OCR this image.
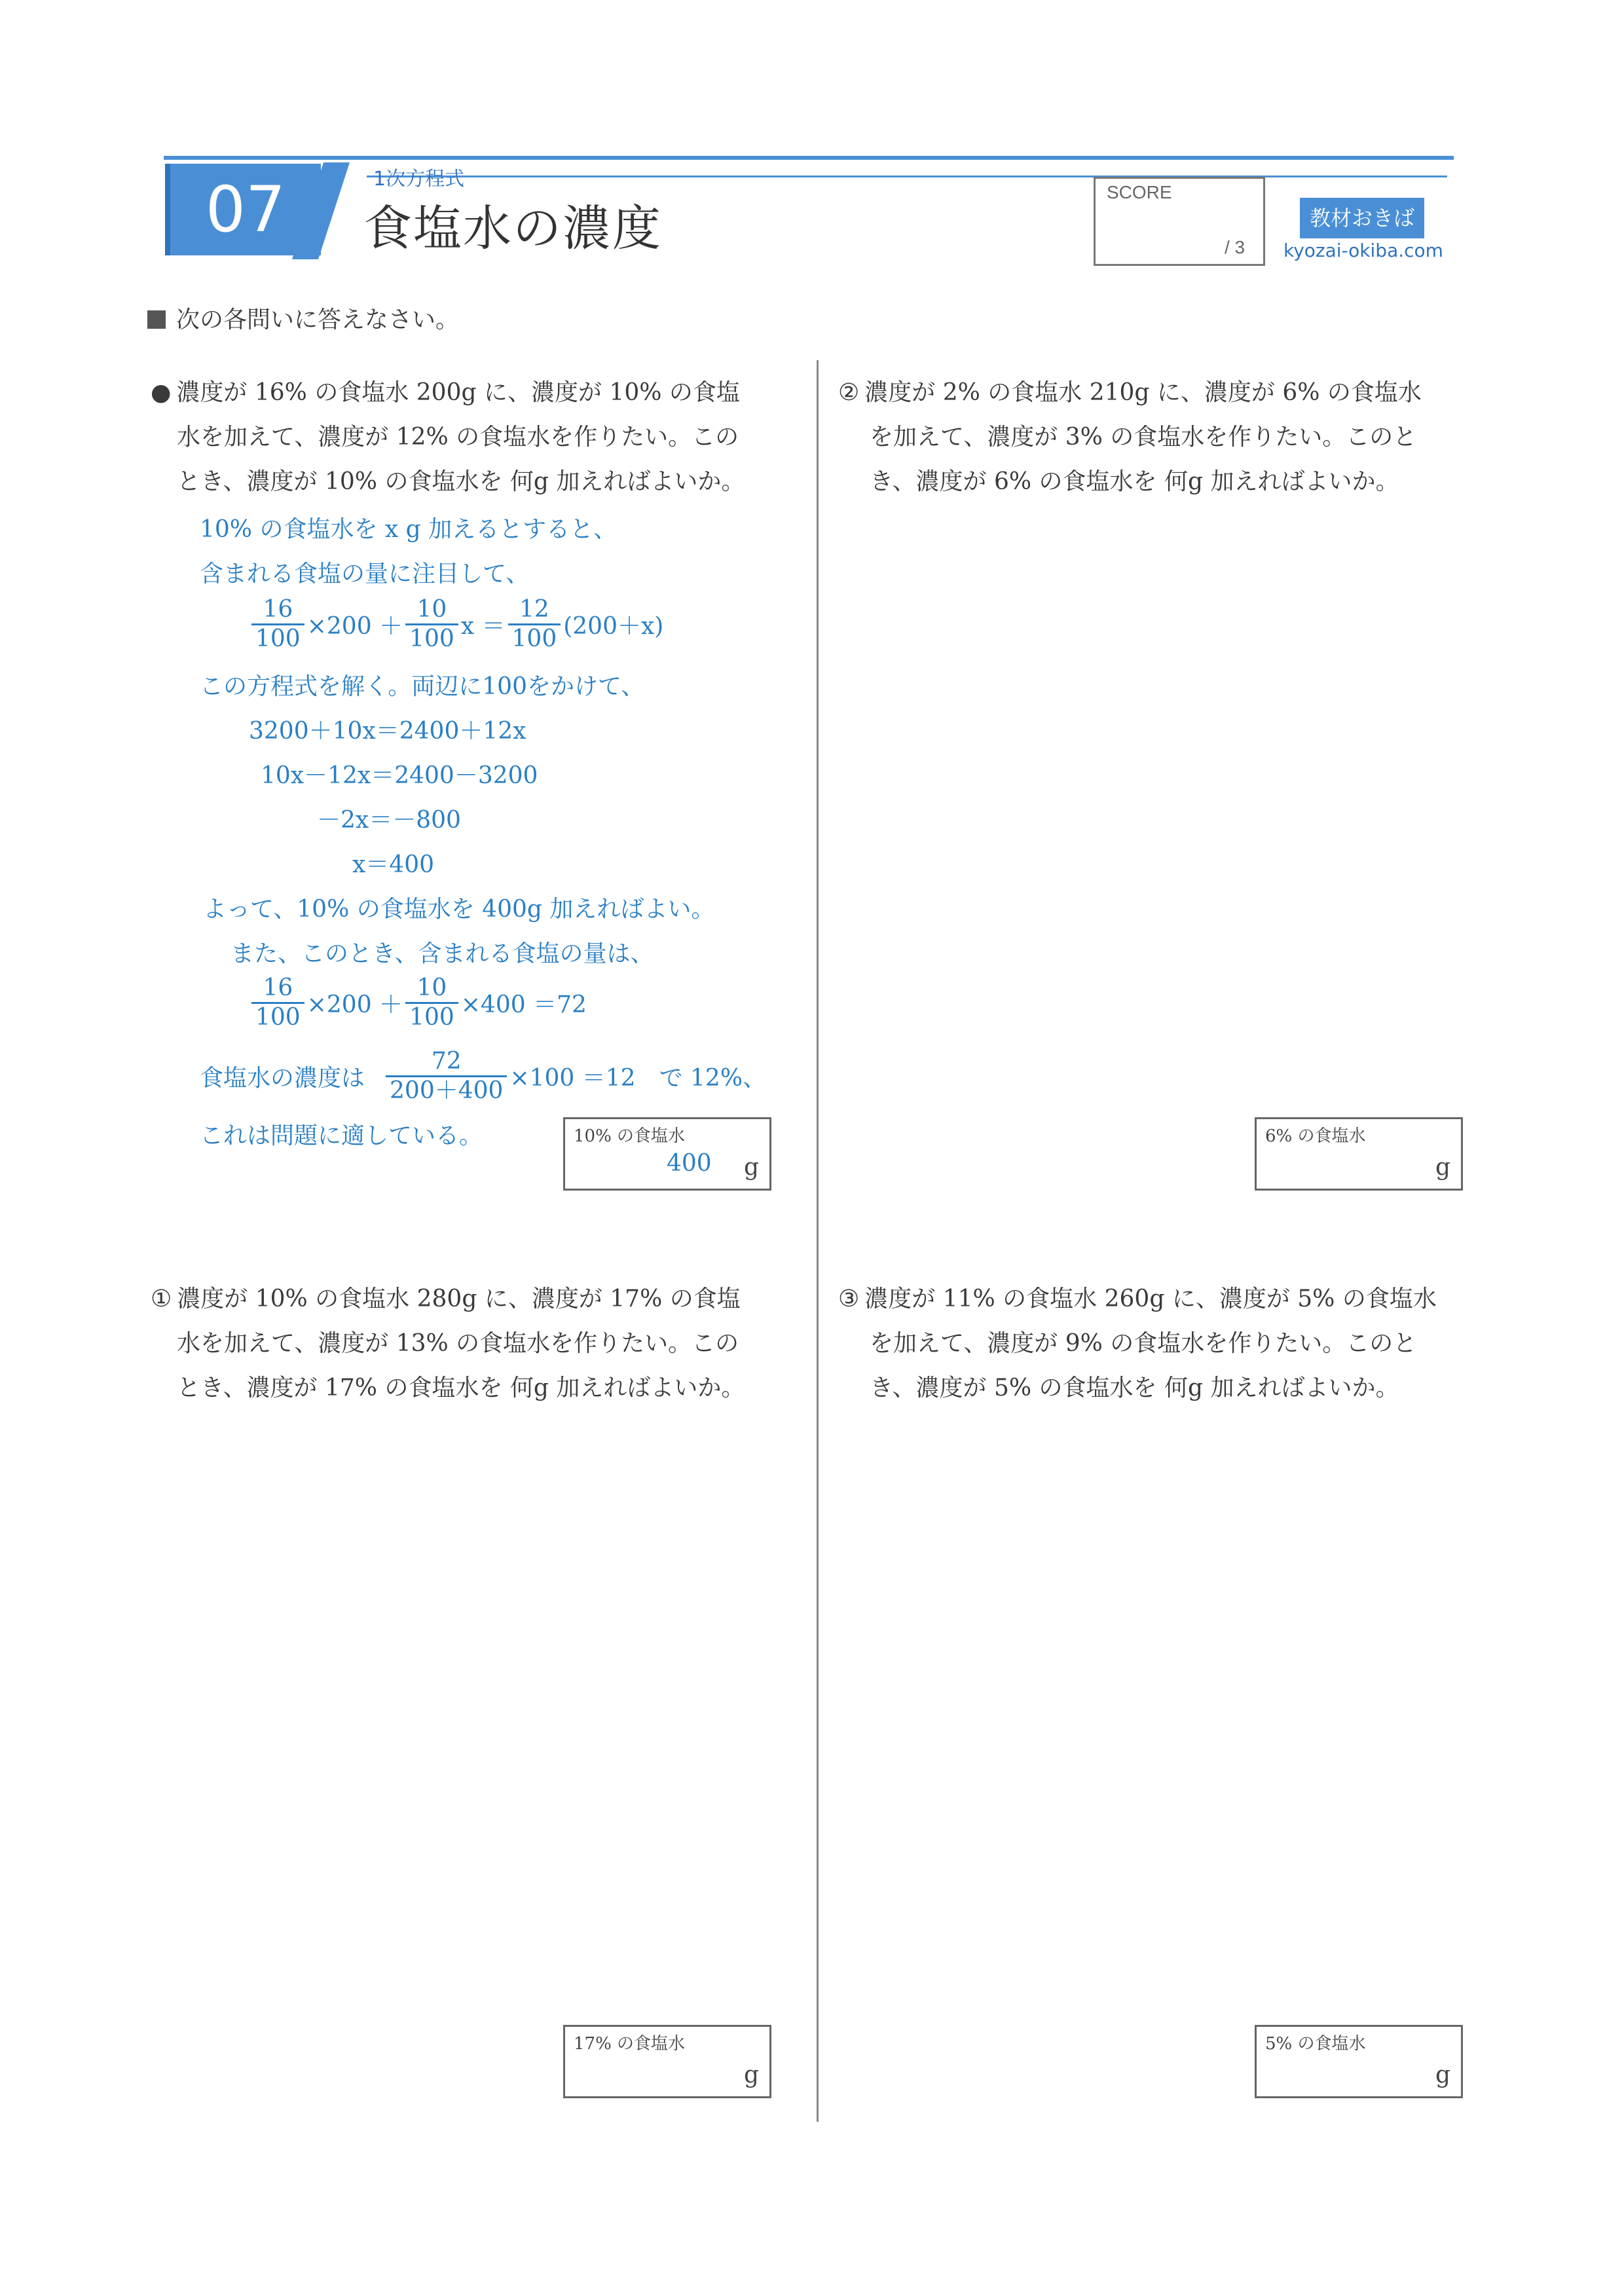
07	1次方程式
食塩水の濃度
SCORE
/ 3
教材おきば
kyozai-okiba.com
次の各問いに答えなさい。
● 濃度が 16% の食塩水 200g に、濃度が 10% の食塩
水を加えて、濃度が 12% の食塩水を作りたい。この
とき、濃度が 10% の食塩水を 何g 加えればよいか。
10% の食塩水を x g 加えるとすると、
含まれる食塩の量に注目して、
$\frac{16}{100} \times 200 + \frac{10}{100}$ $x = \frac{12}{100} (200+x)$
この方程式を解く。両辺に100をかけて、
3200＋10x＝2400＋12x
10x－12x＝2400－3200
－2x＝－800
x＝400
よって、10% の食塩水を 400g 加えればよい。
また、このとき、含まれる食塩の量は、
$\frac{16}{100} \times 200 + \frac{10}{100} \times 400 =72$
食塩水の濃度は $\frac{72}{200+400} \times 100 =12$　で 12%、
これは問題に適している。	10% の食塩水
400 g
② 濃度が 2% の食塩水 210g に、濃度が 6% の食塩水
を加えて、濃度が 3% の食塩水を作りたい。このと
き、濃度が 6% の食塩水を 何g 加えればよいか。
6% の食塩水
g
① 濃度が 10% の食塩水 280g に、濃度が 17% の食塩
水を加えて、濃度が 13% の食塩水を作りたい。この
とき、濃度が 17% の食塩水を 何g 加えればよいか。
17% の食塩水
g
③ 濃度が 11% の食塩水 260g に、濃度が 5% の食塩水
を加えて、濃度が 9% の食塩水を作りたい。このと
き、濃度が 5% の食塩水を 何g 加えればよいか。
5% の食塩水
g
